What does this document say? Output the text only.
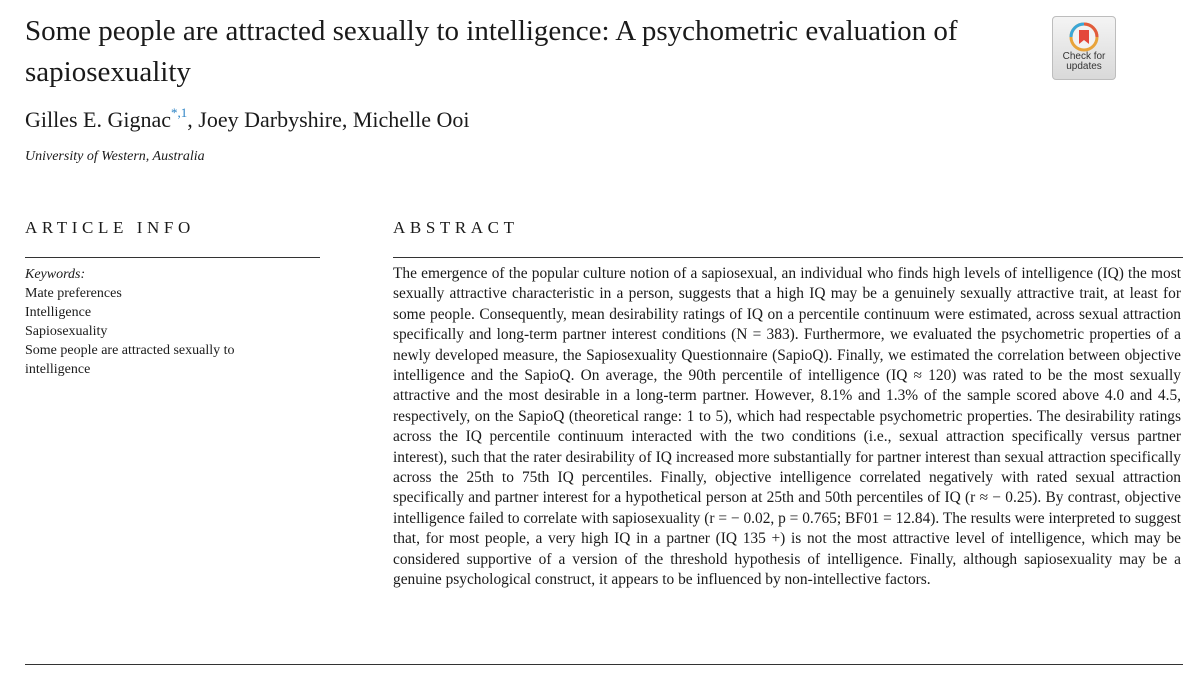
Some people are attracted sexually to intelligence: A psychometric evaluation of sapiosexuality	Check for
updates

Gilles E. Gignac$^{*,1}$, Joey Darbyshire, Michelle Ooi

University of Western, Australia
ARTICLE INFO	ABSTRACT
Keywords:
Mate preferences
Intelligence
Sapiosexuality
Some people are attracted sexually to intelligence

The emergence of the popular culture notion of a sapiosexual, an individual who finds high levels of intelligence (IQ) the most sexually attractive characteristic in a person, suggests that a high IQ may be a genuinely sexually attractive trait, at least for some people. Consequently, mean desirability ratings of IQ on a percentile continuum were estimated, across sexual attraction specifically and long-term partner interest conditions (N = 383). Furthermore, we evaluated the psychometric properties of a newly developed measure, the Sapiosexuality Questionnaire (SapioQ). Finally, we estimated the correlation between objective intelligence and the SapioQ. On average, the 90th percentile of intelligence (IQ ≈ 120) was rated to be the most sexually attractive and the most desirable in a long-term partner. However, 8.1% and 1.3% of the sample scored above 4.0 and 4.5, respectively, on the SapioQ (theoretical range: 1 to 5), which had respectable psychometric properties. The desirability ratings across the IQ percentile continuum interacted with the two conditions (i.e., sexual attraction specifically versus partner interest), such that the rater desirability of IQ increased more substantially for partner interest than sexual attraction specifically across the 25th to 75th IQ percentiles. Finally, objective intelligence correlated negatively with rated sexual attraction specifically and partner interest for a hypothetical person at 25th and 50th percentiles of IQ (r ≈ − 0.25). By contrast, objective intelligence failed to correlate with sapiosexuality (r = − 0.02, p = 0.765; BF01 = 12.84). The results were interpreted to suggest that, for most people, a very high IQ in a partner (IQ 135 +) is not the most attractive level of intelligence, which may be considered supportive of a version of the threshold hypothesis of intelligence. Finally, although sapiosexuality may be a genuine psychological construct, it appears to be influenced by non-intellective factors.
